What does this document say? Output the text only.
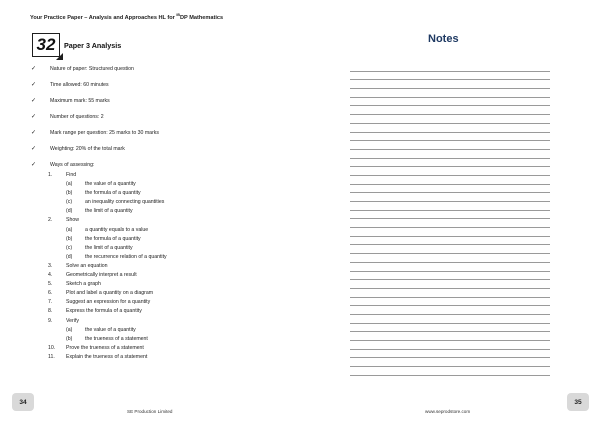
Your Practice Paper – Analysis and Approaches HL for $^{IB}$DP Mathematics
32	Paper 3 Analysis
✓	Nature of paper: Structured question
✓	Time allowed: 60 minutes
✓	Maximum mark: 55 marks
✓	Number of questions: 2
✓	Mark range per question: 25 marks to 30 marks
✓	Weighting: 20% of the total mark
✓	Ways of assessing:
1.	Find
(a)	the value of a quantity
(b)	the formula of a quantity
(c)	an inequality connecting quantities
(d)	the limit of a quantity
2.	Show
(a)	a quantity equals to a value
(b)	the formula of a quantity
(c)	the limit of a quantity
(d)	the recurrence relation of a quantity
3.	Solve an equation
4.	Geometrically interpret a result
5.	Sketch a graph
6.	Plot and label a quantity on a diagram
7.	Suggest an expression for a quantity
8.	Express the formula of a quantity
9.	Verify
(a)	the value of a quantity
(b)	the trueness of a statement
10.	Prove the trueness of a statement
11.	Explain the trueness of a statement
Notes
34	35
SE Production Limited	www.seprodstore.com
